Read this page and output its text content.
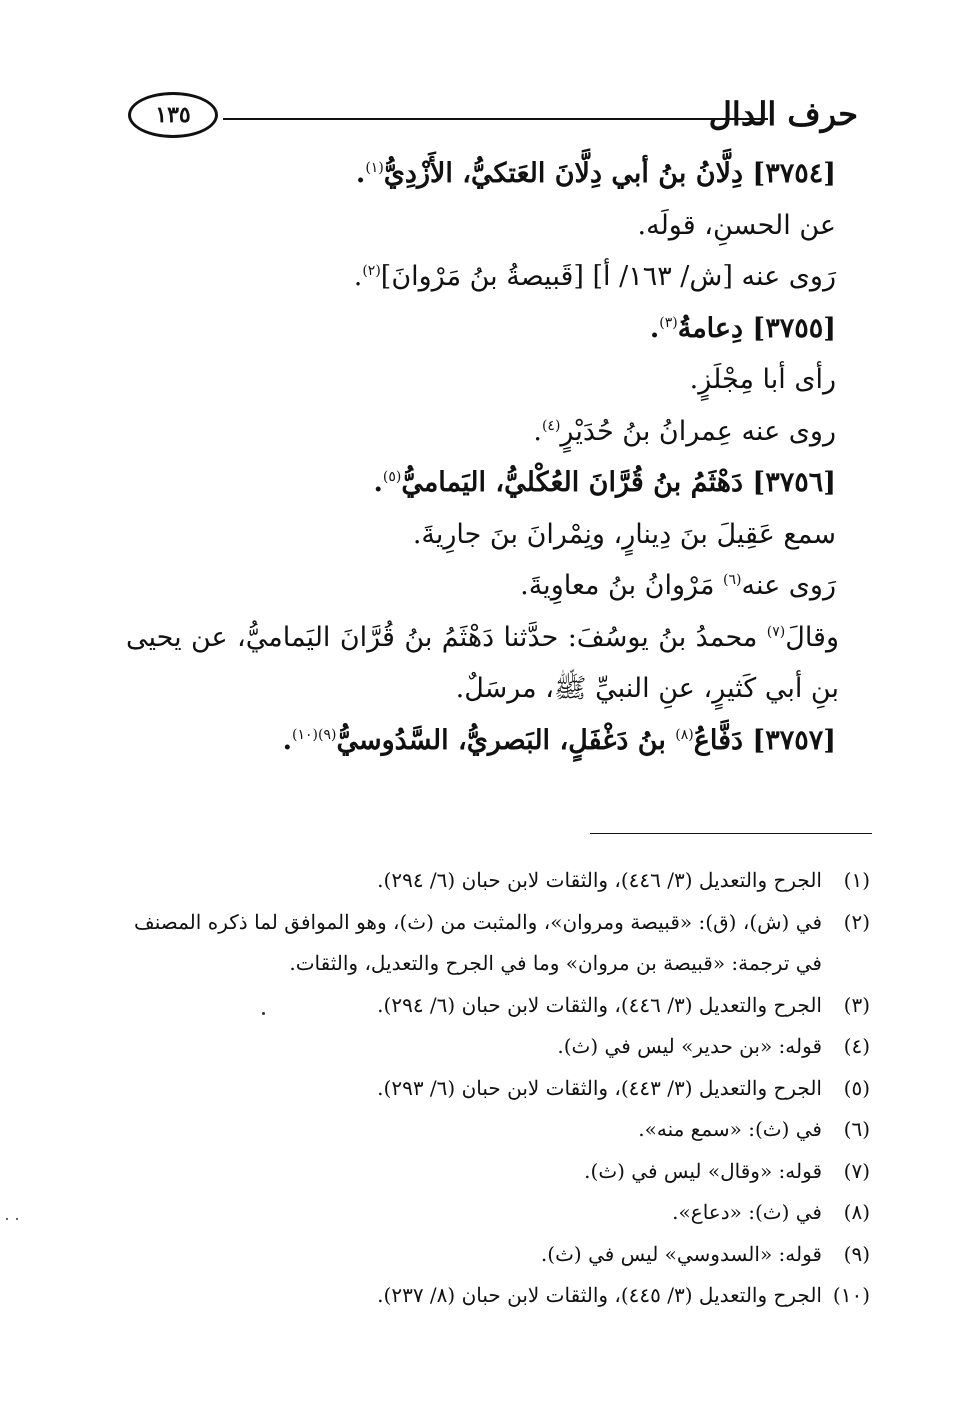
١٣٥	حرف الدال
[٣٧٥٤] دِلَّانُ بنُ أبي دِلَّانَ العَتكيُّ، الأَزْدِيُّ$^{(١)}$.
عن الحسنِ، قولَه.
رَوى عنه [ش/ ١٦٣/ أ] [قَبيصةُ بنُ مَرْوانَ]$^{(٢)}$.
[٣٧٥٥] دِعامةُ$^{(٣)}$.
رأى أبا مِجْلَزٍ.
روى عنه عِمرانُ بنُ حُدَيْرٍ$^{(٤)}$.
[٣٧٥٦] دَهْثَمُ بنُ قُرَّانَ العُكْليُّ، اليَماميُّ$^{(٥)}$.
سمع عَقِيلَ بنَ دِينارٍ، ونِمْرانَ بنَ جارِيةَ.
رَوى عنه$^{(٦)}$ مَرْوانُ بنُ معاوِيةَ.
وقالَ$^{(٧)}$ محمدُ بنُ يوسُفَ: حدَّثنا دَهْثَمُ بنُ قُرَّانَ اليَماميُّ، عن يحيى بنِ أبي كَثيرٍ، عنِ النبيِّ ﷺ، مرسَلٌ.
[٣٧٥٧] دَفَّاعُ$^{(٨)}$ بنُ دَغْفَلٍ، البَصريُّ، السَّدُوسيُّ$^{(٩)(١٠)}$.
(١)
الجرح والتعديل (٣/ ٤٤٦)، والثقات لابن حبان (٦/ ٢٩٤).
(٢)
في (ش)، (ق): «قبيصة ومروان»، والمثبت من (ث)، وهو الموافق لما ذكره المصنف في ترجمة: «قبيصة بن مروان» وما في الجرح والتعديل، والثقات.
(٣)
الجرح والتعديل (٣/ ٤٤٦)، والثقات لابن حبان (٦/ ٢٩٤).
(٤)
قوله: «بن حدير» ليس في (ث).
(٥)
الجرح والتعديل (٣/ ٤٤٣)، والثقات لابن حبان (٦/ ٢٩٣).
(٦)
في (ث): «سمع منه».
(٧)
قوله: «وقال» ليس في (ث).
(٨)
في (ث): «دعاع».
(٩)
قوله: «السدوسي» ليس في (ث).
(١٠)
الجرح والتعديل (٣/ ٤٤٥)، والثقات لابن حبان (٨/ ٢٣٧).
